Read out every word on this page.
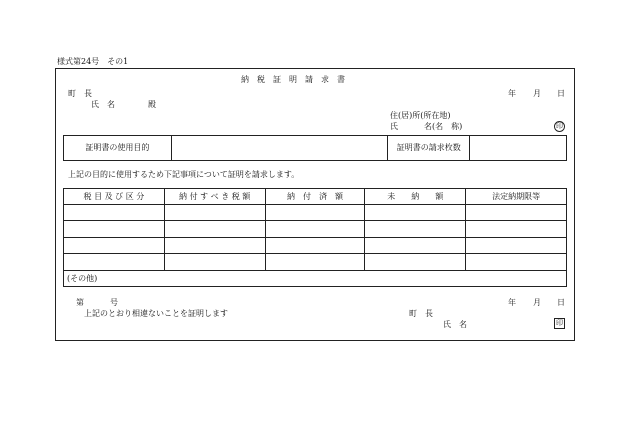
様式第24号　その1
納　税　証　明　請　求　書
年 月 日
町　長
氏　名	殿
住(居)所(所在地)
氏	名(名　称)	印
証明書の使用目的		証明書の請求枚数	
上記の目的に使用するため下記事項について証明を請求します。
税 目 及 び 区 分	納 付 す べ き 税 額	納　付　済　額	未　　納　　額	法定納期限等

(その他)				
第	号	年 月 日
上記のとおり相違ないことを証明します	町　長
氏　名	印
